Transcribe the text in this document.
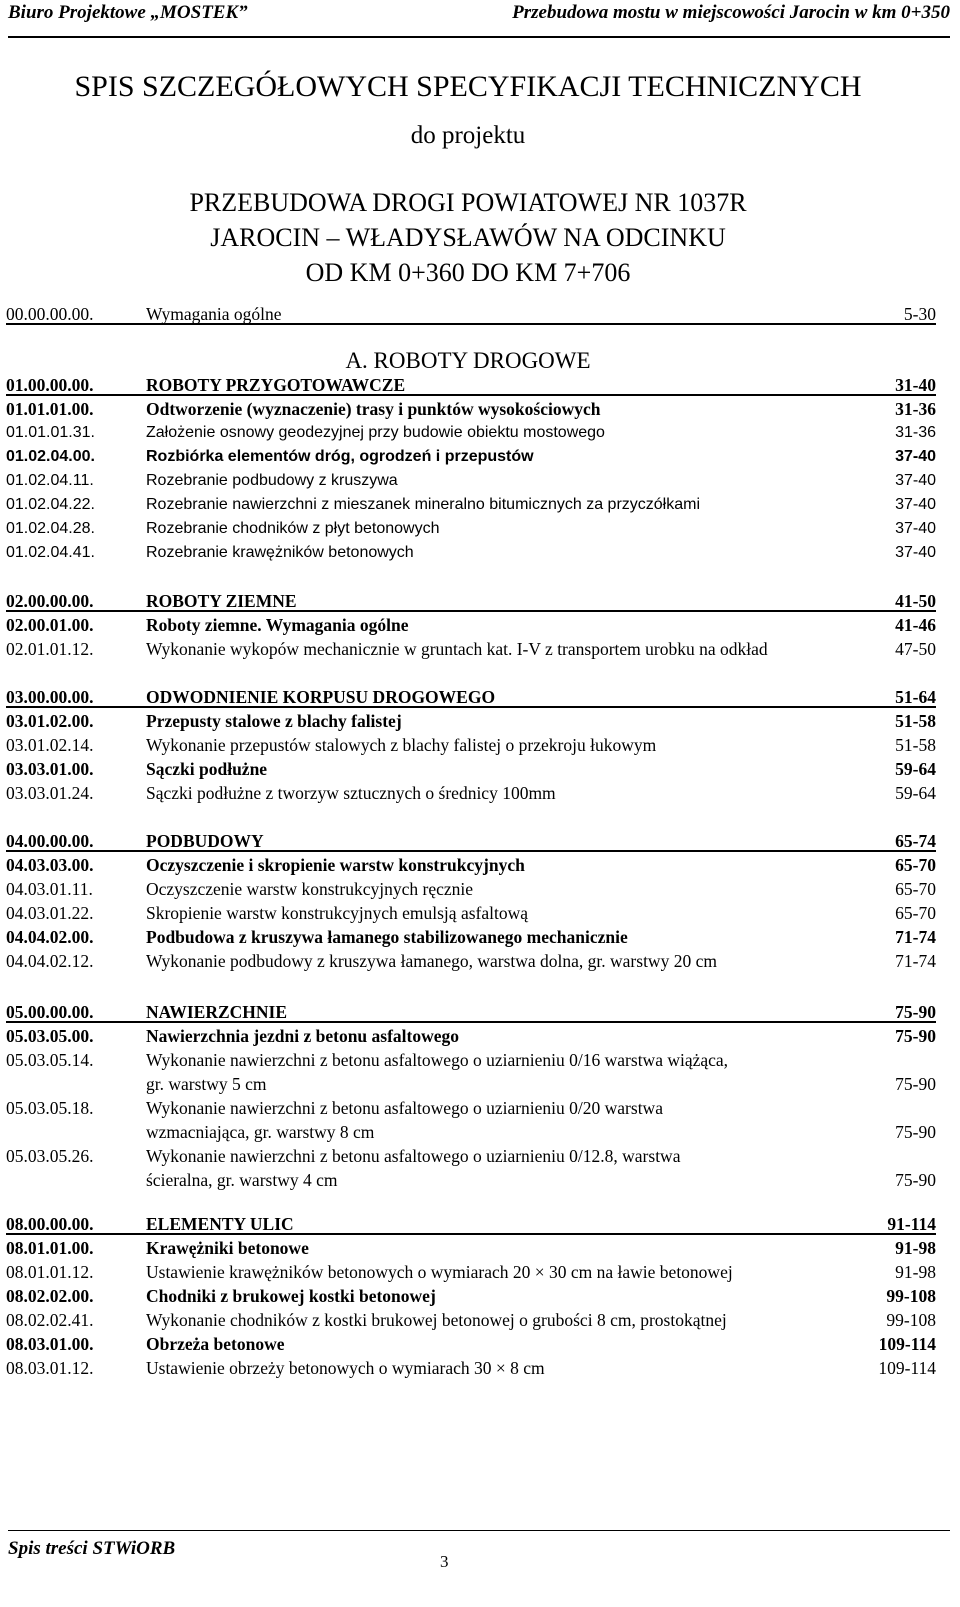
Biuro Projektowe „MOSTEK”	Przebudowa mostu w miejscowości Jarocin w km 0+350
SPIS SZCZEGÓŁOWYCH SPECYFIKACJI TECHNICZNYCH
do projektu
PRZEBUDOWA DROGI POWIATOWEJ NR 1037R
JAROCIN – WŁADYSŁAWÓW NA ODCINKU
OD KM 0+360 DO KM 7+706
00.00.00.00.	Wymagania ogólne	5-30
A. ROBOTY DROGOWE
01.00.00.00.	ROBOTY PRZYGOTOWAWCZE	31-40
01.01.01.00.	Odtworzenie (wyznaczenie) trasy i punktów wysokościowych	31-36
01.01.01.31.	Założenie osnowy geodezyjnej przy budowie obiektu mostowego	31-36
01.02.04.00.	Rozbiórka elementów dróg, ogrodzeń i przepustów	37-40
01.02.04.11.	Rozebranie podbudowy z kruszywa	37-40
01.02.04.22.	Rozebranie nawierzchni z mieszanek mineralno bitumicznych za przyczółkami	37-40
01.02.04.28.	Rozebranie chodników z płyt betonowych	37-40
01.02.04.41.	Rozebranie krawężników betonowych	37-40
02.00.00.00.	ROBOTY ZIEMNE	41-50
02.00.01.00.	Roboty ziemne. Wymagania ogólne	41-46
02.01.01.12.	Wykonanie wykopów mechanicznie w gruntach kat. I-V z transportem urobku na odkład	47-50
03.00.00.00.	ODWODNIENIE KORPUSU DROGOWEGO	51-64
03.01.02.00.	Przepusty stalowe z blachy falistej	51-58
03.01.02.14.	Wykonanie przepustów stalowych z blachy falistej o przekroju łukowym	51-58
03.03.01.00.	Sączki podłużne	59-64
03.03.01.24.	Sączki podłużne z tworzyw sztucznych o średnicy 100mm	59-64
04.00.00.00.	PODBUDOWY	65-74
04.03.03.00.	Oczyszczenie i skropienie warstw konstrukcyjnych	65-70
04.03.01.11.	Oczyszczenie warstw konstrukcyjnych ręcznie	65-70
04.03.01.22.	Skropienie warstw konstrukcyjnych emulsją asfaltową	65-70
04.04.02.00.	Podbudowa z kruszywa łamanego stabilizowanego mechanicznie	71-74
04.04.02.12.	Wykonanie podbudowy z kruszywa łamanego, warstwa dolna, gr. warstwy 20 cm	71-74
05.00.00.00.	NAWIERZCHNIE	75-90
05.03.05.00.	Nawierzchnia jezdni z betonu asfaltowego	75-90
05.03.05.14.	Wykonanie nawierzchni z betonu asfaltowego o uziarnieniu 0/16 warstwa wiążąca,
gr. warstwy 5 cm	75-90
05.03.05.18.	Wykonanie nawierzchni z betonu asfaltowego o uziarnieniu 0/20 warstwa
wzmacniająca, gr. warstwy 8 cm	75-90
05.03.05.26.	Wykonanie nawierzchni z betonu asfaltowego o uziarnieniu 0/12.8, warstwa
ścieralna, gr. warstwy 4 cm	75-90
08.00.00.00.	ELEMENTY ULIC	91-114
08.01.01.00.	Krawężniki betonowe	91-98
08.01.01.12.	Ustawienie krawężników betonowych o wymiarach 20 × 30 cm na ławie betonowej	91-98
08.02.02.00.	Chodniki z brukowej kostki betonowej	99-108
08.02.02.41.	Wykonanie chodników z kostki brukowej betonowej o grubości 8 cm, prostokątnej	99-108
08.03.01.00.	Obrzeża betonowe	109-114
08.03.01.12.	Ustawienie obrzeży betonowych o wymiarach 30 × 8 cm	109-114
Spis treści STWiORB
3
